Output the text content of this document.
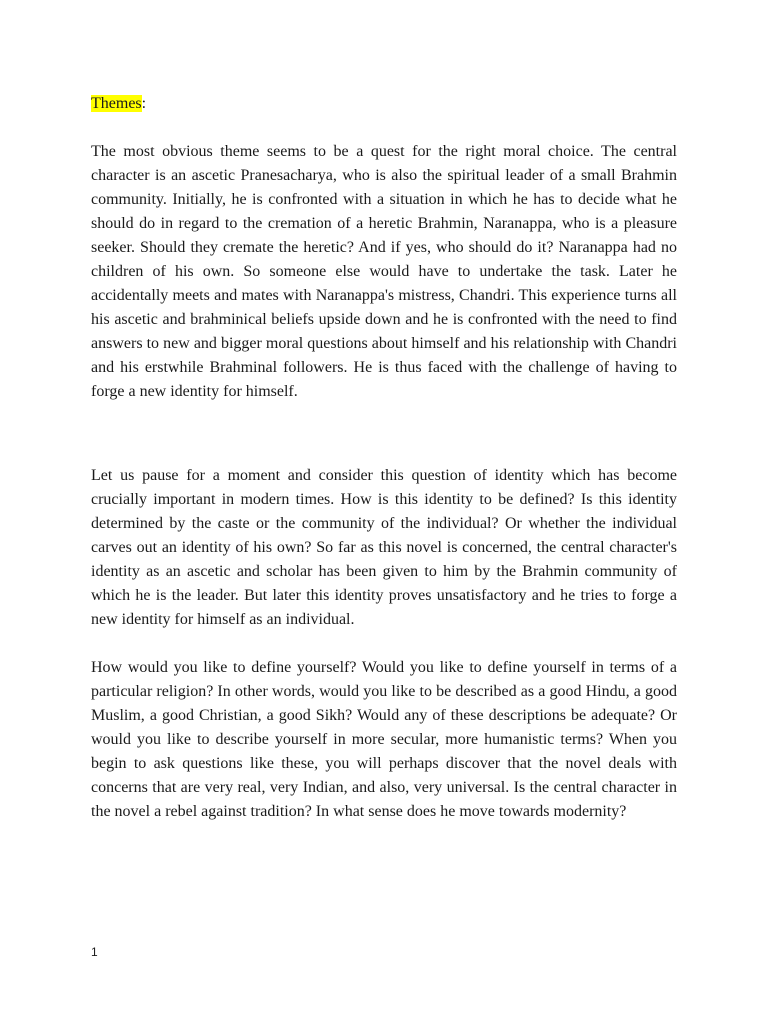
Themes:

The most obvious theme seems to be a quest for the right moral choice. The central character is an ascetic Pranesacharya, who is also the spiritual leader of a small Brahmin community. Initially, he is confronted with a situation in which he has to decide what he should do in regard to the cremation of a heretic Brahmin, Naranappa, who is a pleasure seeker. Should they cremate the heretic? And if yes, who should do it? Naranappa had no children of his own. So someone else would have to undertake the task. Later he accidentally meets and mates with Naranappa's mistress, Chandri. This experience turns all his ascetic and brahminical beliefs upside down and he is confronted with the need to find answers to new and bigger moral questions about himself and his relationship with Chandri and his erstwhile Brahminal followers. He is thus faced with the challenge of having to forge a new identity for himself.

Let us pause for a moment and consider this question of identity which has become crucially important in modern times. How is this identity to be defined? Is this identity determined by the caste or the community of the individual? Or whether the individual carves out an identity of his own? So far as this novel is concerned, the central character's identity as an ascetic and scholar has been given to him by the Brahmin community of which he is the leader. But later this identity proves unsatisfactory and he tries to forge a new identity for himself as an individual.

How would you like to define yourself? Would you like to define yourself in terms of a particular religion? In other words, would you like to be described as a good Hindu, a good Muslim, a good Christian, a good Sikh? Would any of these descriptions be adequate? Or would you like to describe yourself in more secular, more humanistic terms? When you begin to ask questions like these, you will perhaps discover that the novel deals with concerns that are very real, very Indian, and also, very universal. Is the central character in the novel a rebel against tradition? In what sense does he move towards modernity?

1
